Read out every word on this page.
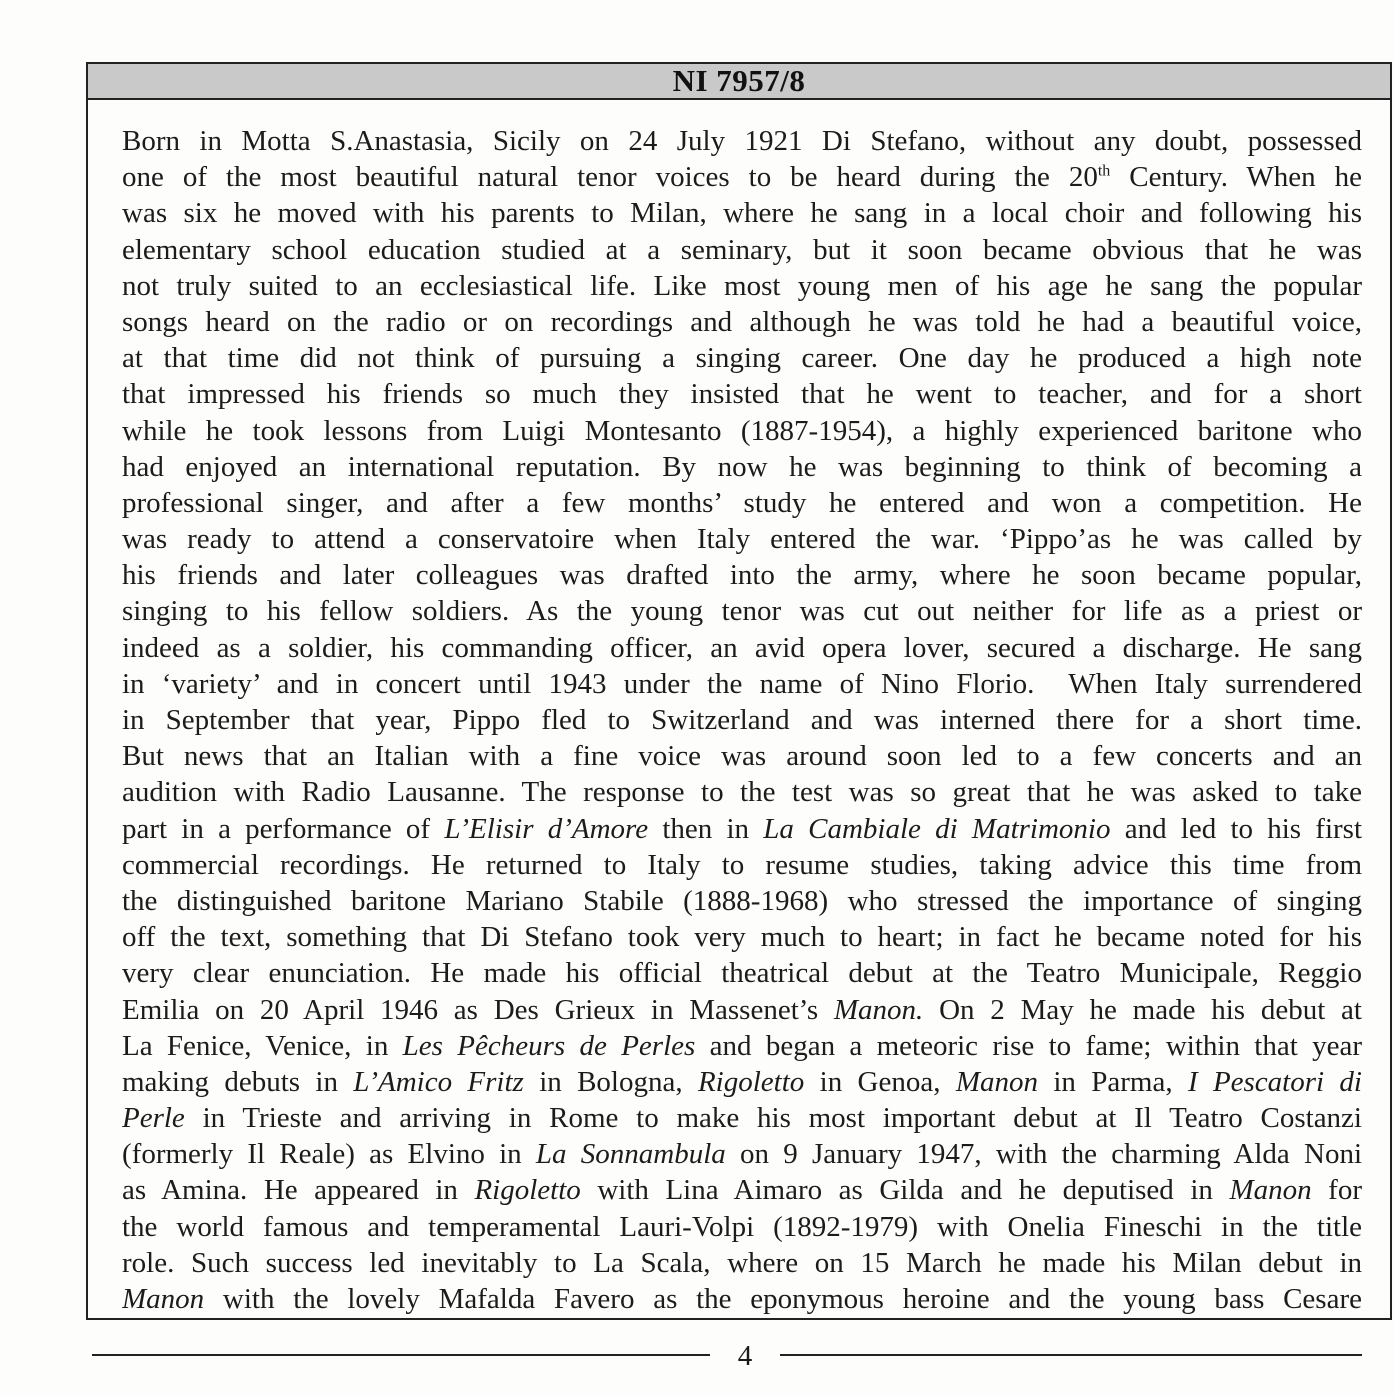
NI 7957/8
Born in Motta S.Anastasia, Sicily on 24 July 1921 Di Stefano, without any doubt, possessed
one of the most beautiful natural tenor voices to be heard during the 20th Century. When he
was six he moved with his parents to Milan, where he sang in a local choir and following his
elementary school education studied at a seminary, but it soon became obvious that he was
not truly suited to an ecclesiastical life. Like most young men of his age he sang the popular
songs heard on the radio or on recordings and although he was told he had a beautiful voice,
at that time did not think of pursuing a singing career. One day he produced a high note
that impressed his friends so much they insisted that he went to teacher, and for a short
while he took lessons from Luigi Montesanto (1887-1954), a highly experienced baritone who
had enjoyed an international reputation. By now he was beginning to think of becoming a
professional singer, and after a few months’ study he entered and won a competition. He
was ready to attend a conservatoire when Italy entered the war. ‘Pippo’as he was called by
his friends and later colleagues was drafted into the army, where he soon became popular,
singing to his fellow soldiers. As the young tenor was cut out neither for life as a priest or
indeed as a soldier, his commanding officer, an avid opera lover, secured a discharge. He sang
in ‘variety’ and in concert until 1943 under the name of Nino Florio.  When Italy surrendered
in September that year, Pippo fled to Switzerland and was interned there for a short time.
But news that an Italian with a fine voice was around soon led to a few concerts and an
audition with Radio Lausanne. The response to the test was so great that he was asked to take
part in a performance of L’Elisir d’Amore then in La Cambiale di Matrimonio and led to his first
commercial recordings. He returned to Italy to resume studies, taking advice this time from
the distinguished baritone Mariano Stabile (1888-1968) who stressed the importance of singing
off the text, something that Di Stefano took very much to heart; in fact he became noted for his
very clear enunciation. He made his official theatrical debut at the Teatro Municipale, Reggio
Emilia on 20 April 1946 as Des Grieux in Massenet’s Manon. On 2 May he made his debut at
La Fenice, Venice, in Les Pêcheurs de Perles and began a meteoric rise to fame; within that year
making debuts in L’Amico Fritz in Bologna, Rigoletto in Genoa, Manon in Parma, I Pescatori di
Perle in Trieste and arriving in Rome to make his most important debut at Il Teatro Costanzi
(formerly Il Reale) as Elvino in La Sonnambula on 9 January 1947, with the charming Alda Noni
as Amina. He appeared in Rigoletto with Lina Aimaro as Gilda and he deputised in Manon for
the world famous and temperamental Lauri-Volpi (1892-1979) with Onelia Fineschi in the title
role. Such success led inevitably to La Scala, where on 15 March he made his Milan debut in
Manon with the lovely Mafalda Favero as the eponymous heroine and the young bass Cesare
4
